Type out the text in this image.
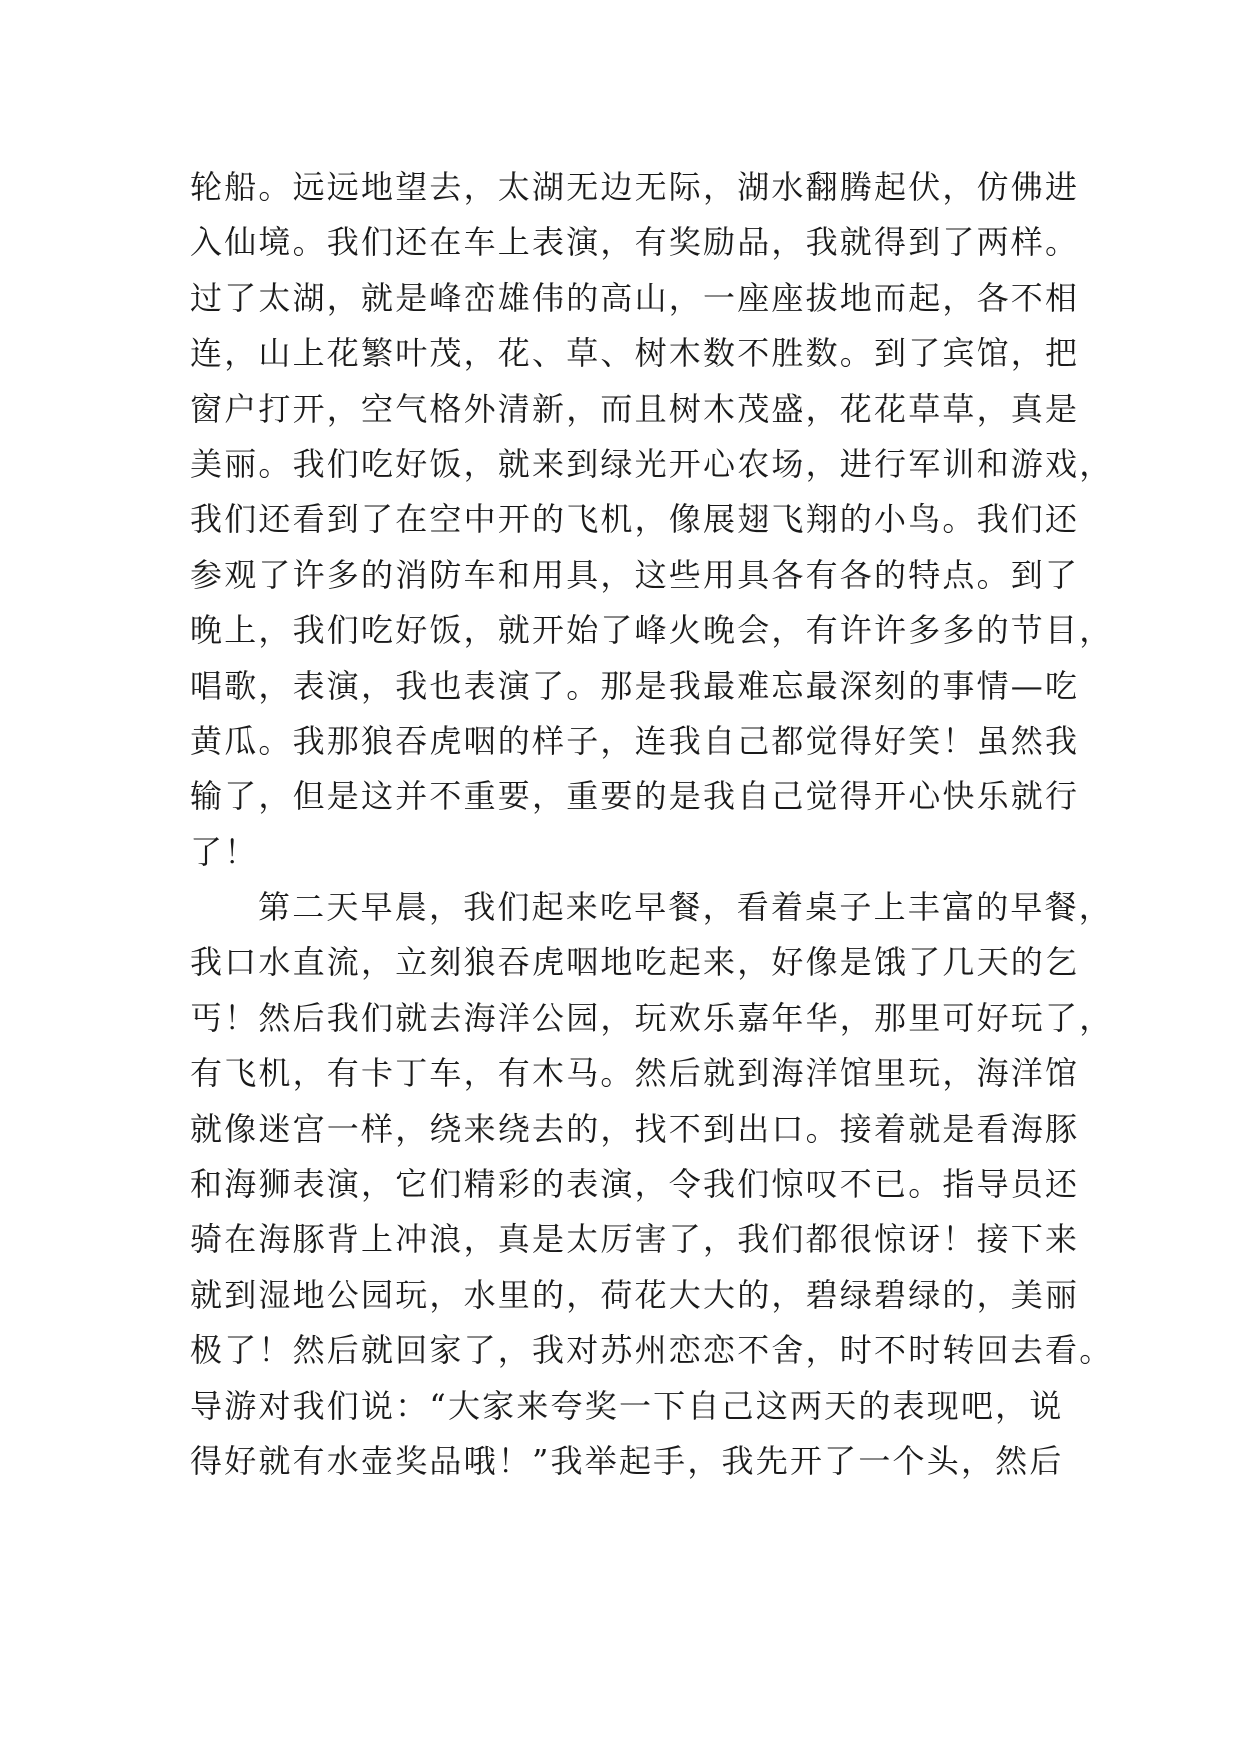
轮船。远远地望去，太湖无边无际，湖水翻腾起伏，仿佛进
入仙境。我们还在车上表演，有奖励品，我就得到了两样。
过了太湖，就是峰峦雄伟的高山，一座座拔地而起，各不相
连，山上花繁叶茂，花、草、树木数不胜数。到了宾馆，把
窗户打开，空气格外清新，而且树木茂盛，花花草草，真是
美丽。我们吃好饭，就来到绿光开心农场，进行军训和游戏，
我们还看到了在空中开的飞机，像展翅飞翔的小鸟。我们还
参观了许多的消防车和用具，这些用具各有各的特点。到了
晚上，我们吃好饭，就开始了峰火晚会，有许许多多的节目，
唱歌，表演，我也表演了。那是我最难忘最深刻的事情—吃
黄瓜。我那狼吞虎咽的样子，连我自己都觉得好笑！虽然我
输了，但是这并不重要，重要的是我自己觉得开心快乐就行
了！
第二天早晨，我们起来吃早餐，看着桌子上丰富的早餐，
我口水直流，立刻狼吞虎咽地吃起来，好像是饿了几天的乞
丐！然后我们就去海洋公园，玩欢乐嘉年华，那里可好玩了，
有飞机，有卡丁车，有木马。然后就到海洋馆里玩，海洋馆
就像迷宫一样，绕来绕去的，找不到出口。接着就是看海豚
和海狮表演，它们精彩的表演，令我们惊叹不已。指导员还
骑在海豚背上冲浪，真是太厉害了，我们都很惊讶！接下来
就到湿地公园玩，水里的，荷花大大的，碧绿碧绿的，美丽
极了！然后就回家了，我对苏州恋恋不舍，时不时转回去看。
导游对我们说：“大家来夸奖一下自己这两天的表现吧，说
得好就有水壶奖品哦！”我举起手，我先开了一个头，然后
